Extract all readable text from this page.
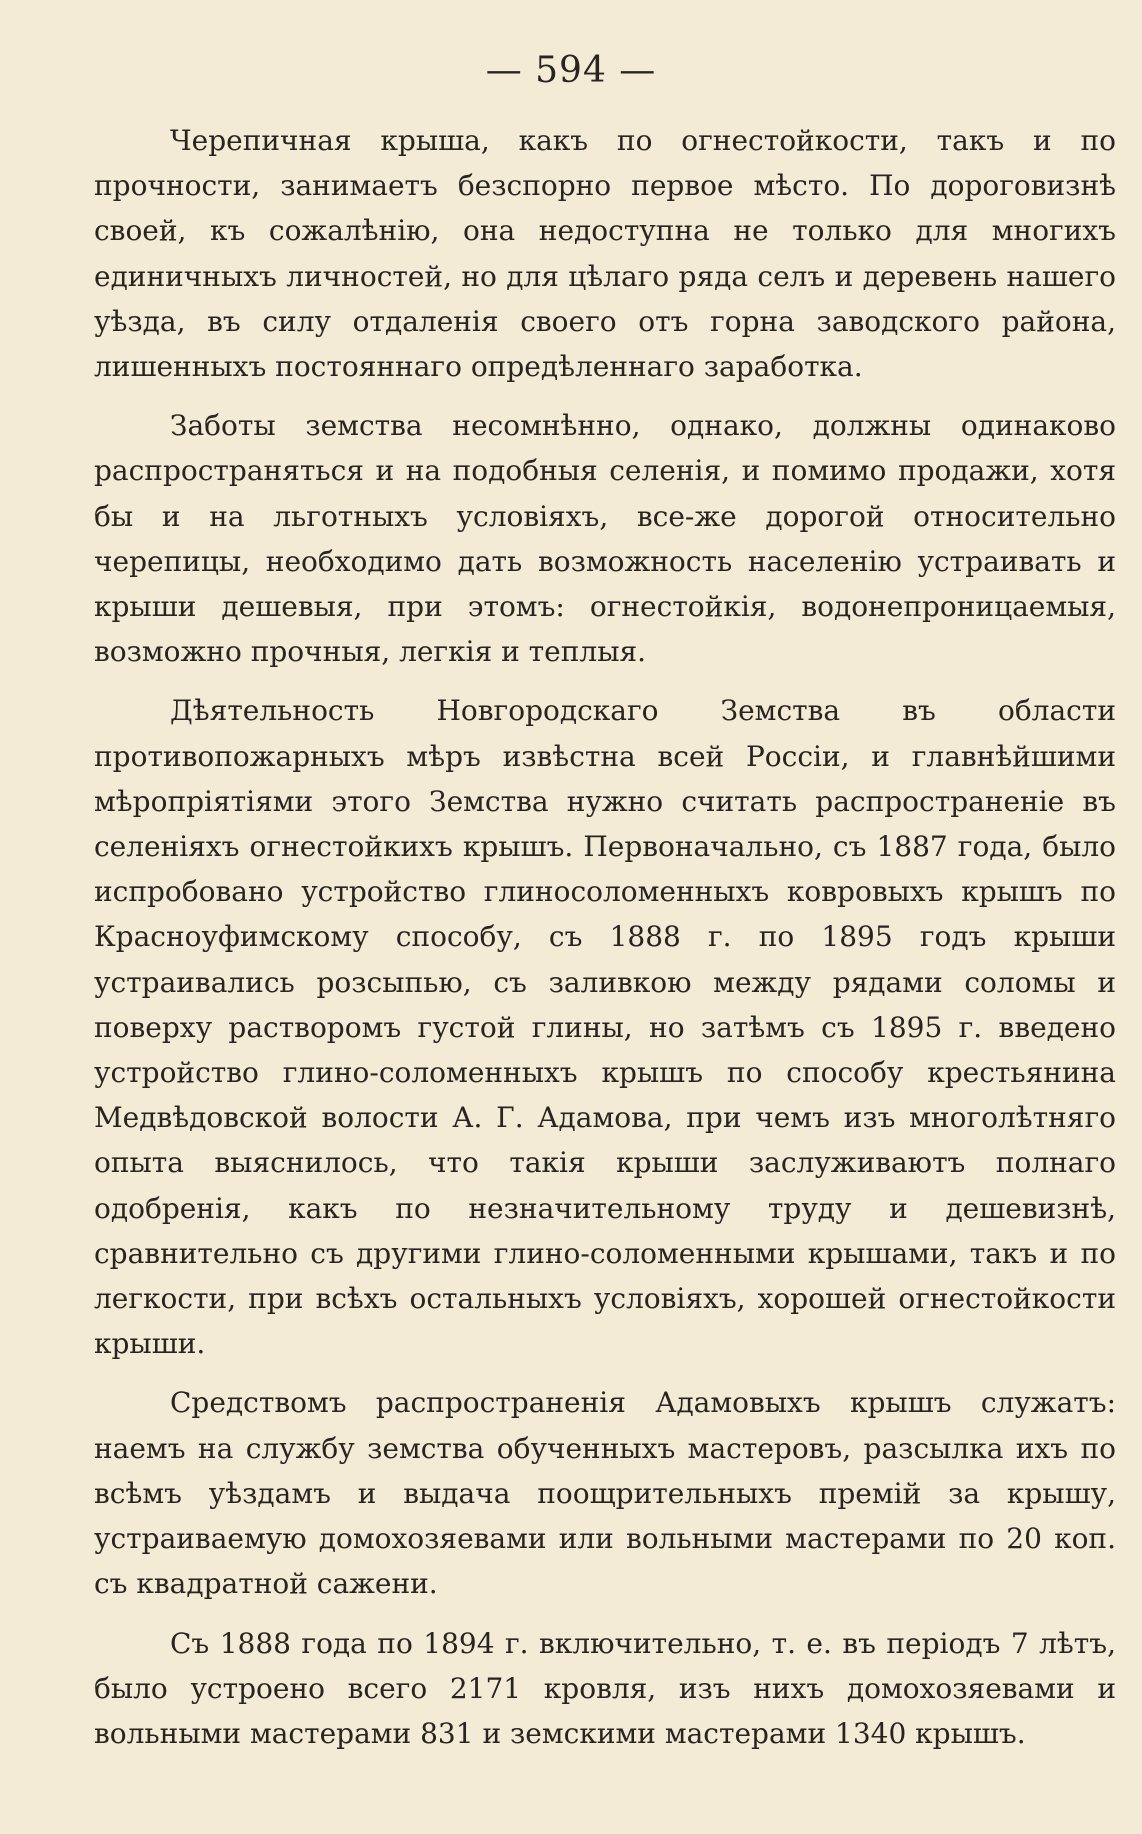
— 594 —

Черепичная крыша, какъ по огнестойкости, такъ и по прочности, занимаетъ безспорно первое мѣсто. По дороговизнѣ своей, къ сожалѣнію, она недоступна не только для многихъ единичныхъ личностей, но для цѣлаго ряда селъ и деревень нашего уѣзда, въ силу отдаленія своего отъ горна заводского района, лишенныхъ постояннаго опредѣленнаго заработка.

Заботы земства несомнѣнно, однако, должны одинаково распространяться и на подобныя селенія, и помимо продажи, хотя бы и на льготныхъ условіяхъ, все-же дорогой относительно черепицы, необходимо дать возможность населенію устраивать и крыши дешевыя, при этомъ: огнестойкія, водонепроницаемыя, возможно прочныя, легкія и теплыя.

Дѣятельность Новгородскаго Земства въ области противопожарныхъ мѣръ извѣстна всей Россіи, и главнѣйшими мѣропріятіями этого Земства нужно считать распространеніе въ селеніяхъ огнестойкихъ крышъ. Первоначально, съ 1887 года, было испробовано устройство глиносоломенныхъ ковровыхъ крышъ по Красноуфимскому способу, съ 1888 г. по 1895 годъ крыши устраивались розсыпью, съ заливкою между рядами соломы и поверху растворомъ густой глины, но затѣмъ съ 1895 г. введено устройство глино-соломенныхъ крышъ по способу крестьянина Медвѣдовской волости А. Г. Адамова, при чемъ изъ многолѣтняго опыта выяснилось, что такія крыши заслуживаютъ полнаго одобренія, какъ по незначительному труду и дешевизнѣ, сравнительно съ другими глино-соломенными крышами, такъ и по легкости, при всѣхъ остальныхъ условіяхъ, хорошей огнестойкости крыши.

Средствомъ распространенія Адамовыхъ крышъ служатъ: наемъ на службу земства обученныхъ мастеровъ, разсылка ихъ по всѣмъ уѣздамъ и выдача поощрительныхъ премій за крышу, устраиваемую домохозяевами или вольными мастерами по 20 коп. съ квадратной сажени.

Съ 1888 года по 1894 г. включительно, т. е. въ періодъ 7 лѣтъ, было устроено всего 2171 кровля, изъ нихъ домохозяевами и вольными мастерами 831 и земскими мастерами 1340 крышъ.
